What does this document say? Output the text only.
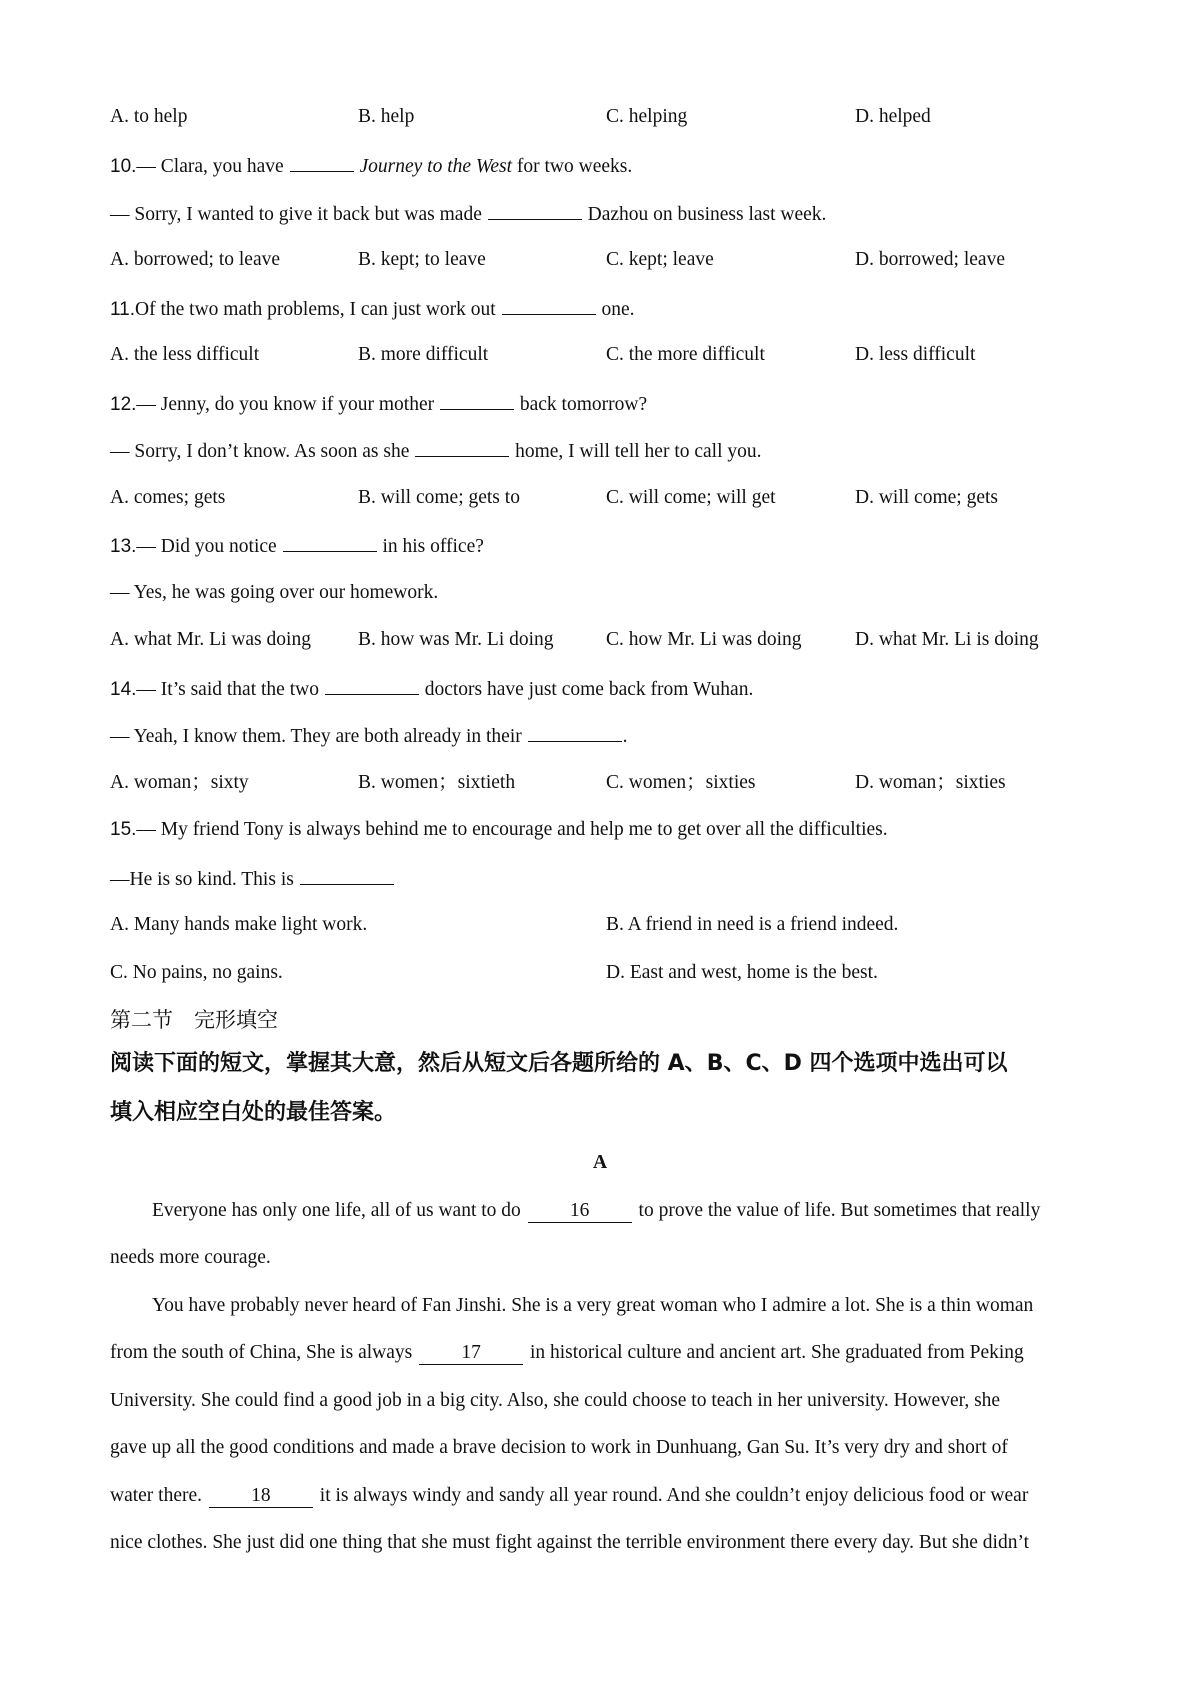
A. to help	B. help	C. helping	D. helped
10.— Clara, you have	Journey to the West for two weeks.
— Sorry, I wanted to give it back but was made	Dazhou on business last week.
A. borrowed; to leave	B. kept; to leave	C. kept; leave	D. borrowed; leave
11.Of the two math problems, I can just work out	one.
A. the less difficult	B. more difficult	C. the more difficult	D. less difficult
12.— Jenny, do you know if your mother	back tomorrow?
— Sorry, I don’t know. As soon as she	home, I will tell her to call you.
A. comes; gets	B. will come; gets to	C. will come; will get	D. will come; gets
13.— Did you notice	in his office?
— Yes, he was going over our homework.
A. what Mr. Li was doing B. how was Mr. Li doing	C. how Mr. Li was doing	D. what Mr. Li is doing
14.— It’s said that the two	doctors have just come back from Wuhan.
— Yeah, I know them. They are both already in their	.
A. woman；sixty	B. women；sixtieth	C. women；sixties	D. woman；sixties
15.— My friend Tony is always behind me to encourage and help me to get over all the difficulties.
—He is so kind. This is
A. Many hands make light work.	B. A friend in need is a friend indeed.
C. No pains, no gains.	D. East and west, home is the best.
第二节　完形填空
阅读下面的短文，掌握其大意，然后从短文后各题所给的 A、B、C、D 四个选项中选出可以
填入相应空白处的最佳答案。
A
Everyone has only one life, all of us want to do	16	to prove the value of life. But sometimes that really
needs more courage.
You have probably never heard of Fan Jinshi. She is a very great woman who I admire a lot. She is a thin woman
from the south of China, She is always	17	in historical culture and ancient art. She graduated from Peking
University. She could find a good job in a big city. Also, she could choose to teach in her university. However, she
gave up all the good conditions and made a brave decision to work in Dunhuang, Gan Su. It’s very dry and short of
water there.	18	it is always windy and sandy all year round. And she couldn’t enjoy delicious food or wear
nice clothes. She just did one thing that she must fight against the terrible environment there every day. But she didn’t
